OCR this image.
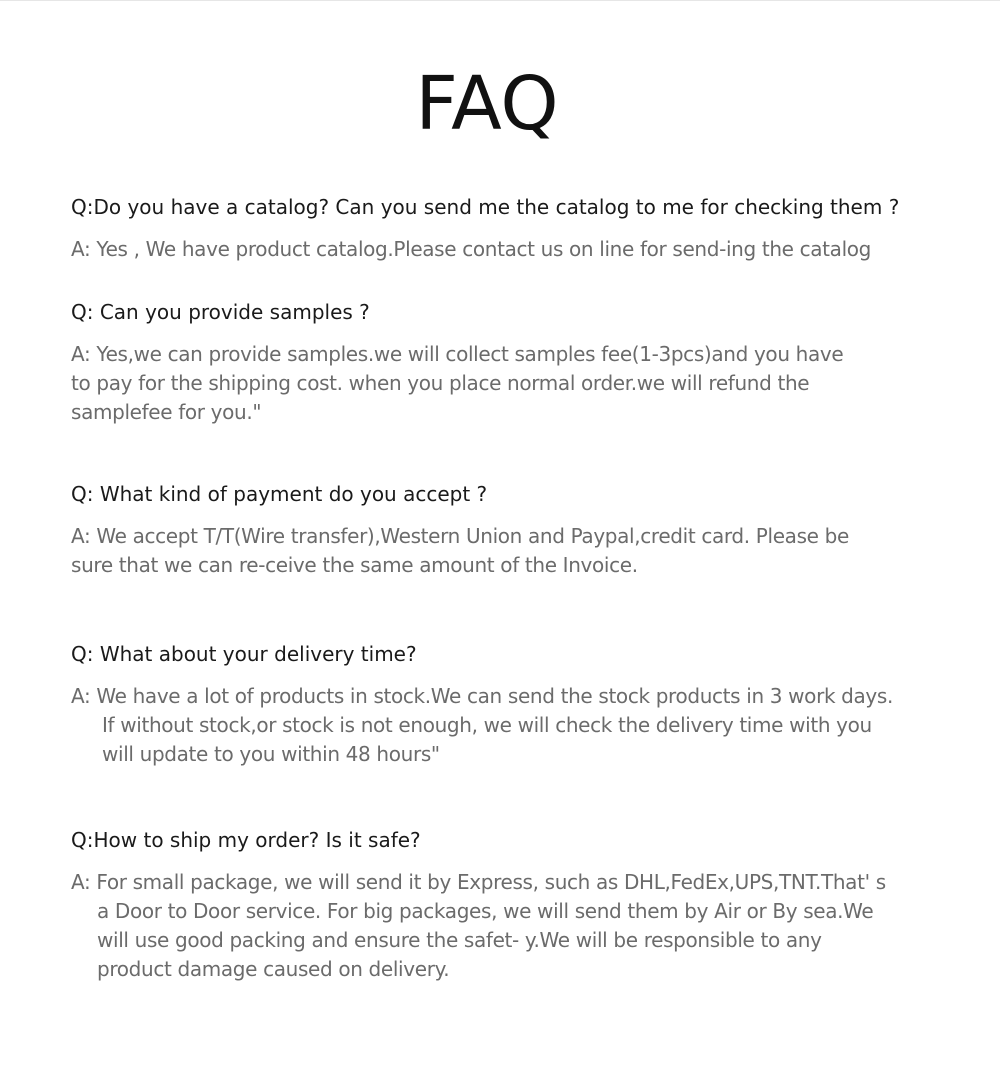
FAQ

Q:Do you have a catalog? Can you send me the catalog to me for checking them ?

A: Yes , We have product catalog.Please contact us on line for send-ing the catalog

Q: Can you provide samples ?

A: Yes,we can provide samples.we will collect samples fee(1-3pcs)and you have
to pay for the shipping cost. when you place normal order.we will refund the
samplefee for you."

Q: What kind of payment do you accept ?

A: We accept T/T(Wire transfer),Western Union and Paypal,credit card. Please be
sure that we can re-ceive the same amount of the Invoice.

Q: What about your delivery time?

A: We have a lot of products in stock.We can send the stock products in 3 work days.
If without stock,or stock is not enough, we will check the delivery time with you
will update to you within 48 hours"

Q:How to ship my order? Is it safe?

A: For small package, we will send it by Express, such as DHL,FedEx,UPS,TNT.That' s
a Door to Door service. For big packages, we will send them by Air or By sea.We
will use good packing and ensure the safet- y.We will be responsible to any
product damage caused on delivery.
